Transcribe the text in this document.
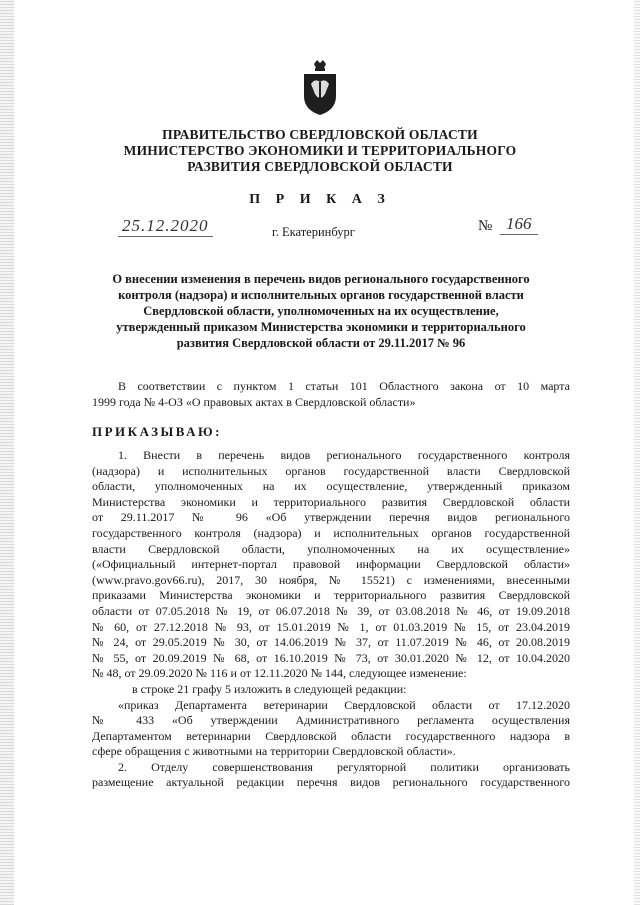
ПРАВИТЕЛЬСТВО СВЕРДЛОВСКОЙ ОБЛАСТИ
МИНИСТЕРСТВО ЭКОНОМИКИ И ТЕРРИТОРИАЛЬНОГО
РАЗВИТИЯ СВЕРДЛОВСКОЙ ОБЛАСТИ
П Р И К А З
25.12.2020	г. Екатеринбург	№ 166
О внесении изменения в перечень видов регионального государственного
контроля (надзора) и исполнительных органов государственной власти
Свердловской области, уполномоченных на их осуществление,
утвержденный приказом Министерства экономики и территориального
развития Свердловской области от 29.11.2017 № 96
В соответствии с пунктом 1 статьи 101 Областного закона от 10 марта
1999 года № 4-ОЗ «О правовых актах в Свердловской области»
ПРИКАЗЫВАЮ:
1. Внести в перечень видов регионального государственного контроля
(надзора) и исполнительных органов государственной власти Свердловской
области, уполномоченных на их осуществление, утвержденный приказом
Министерства экономики и территориального развития Свердловской области
от 29.11.2017 № 96 «Об утверждении перечня видов регионального
государственного контроля (надзора) и исполнительных органов государственной
власти Свердловской области, уполномоченных на их осуществление»
(«Официальный интернет-портал правовой информации Свердловской области»
(www.pravo.gov66.ru), 2017, 30 ноября, № 15521) с изменениями, внесенными
приказами Министерства экономики и территориального развития Свердловской
области от 07.05.2018 № 19, от 06.07.2018 № 39, от 03.08.2018 № 46, от 19.09.2018
№ 60, от 27.12.2018 № 93, от 15.01.2019 № 1, от 01.03.2019 № 15, от 23.04.2019
№ 24, от 29.05.2019 № 30, от 14.06.2019 № 37, от 11.07.2019 № 46, от 20.08.2019
№ 55, от 20.09.2019 № 68, от 16.10.2019 № 73, от 30.01.2020 № 12, от 10.04.2020
№ 48, от 29.09.2020 № 116 и от 12.11.2020 № 144, следующее изменение:
в строке 21 графу 5 изложить в следующей редакции:
«приказ Департамента ветеринарии Свердловской области от 17.12.2020
№ 433 «Об утверждении Административного регламента осуществления
Департаментом ветеринарии Свердловской области государственного надзора в
сфере обращения с животными на территории Свердловской области».
2. Отделу совершенствования регуляторной политики организовать
размещение актуальной редакции перечня видов регионального государственного
